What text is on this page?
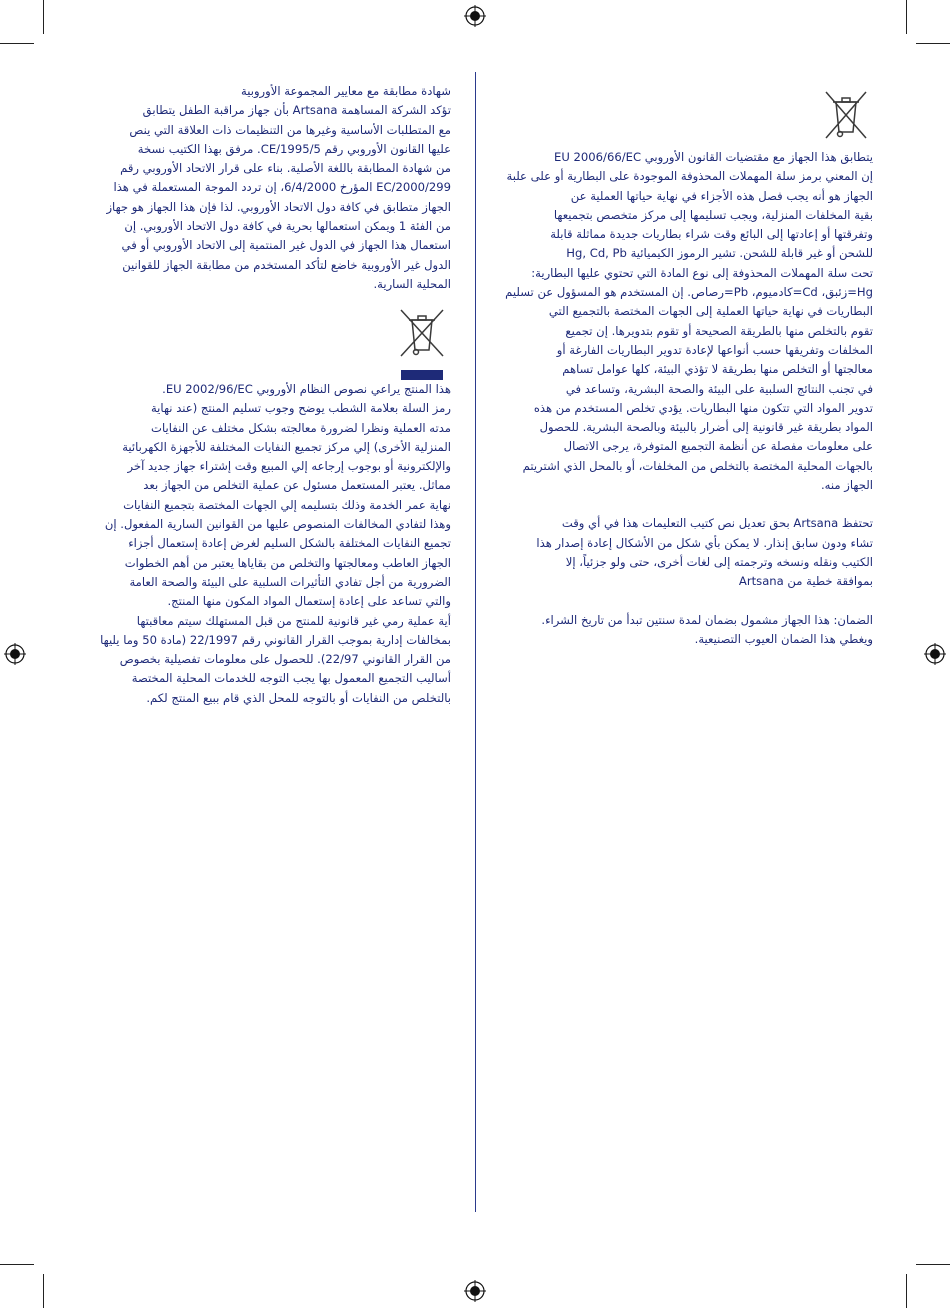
يتطابق هذا الجهاز مع مقتضيات القانون الأوروبي EU 2006/66/EC

إن المعني برمز سلة المهملات المحذوفة الموجودة على البطارية أو على علبة

الجهاز هو أنه يجب فصل هذه الأجزاء في نهاية حياتها العملية عن

بقية المخلفات المنزلية، ويجب تسليمها إلى مركز متخصص بتجميعها

وتفرقتها أو إعادتها إلى البائع وقت شراء بطاريات جديدة مماثلة قابلة

للشحن أو غير قابلة للشحن. تشير الرموز الكيميائية Hg, Cd, Pb

تحت سلة المهملات المحذوفة إلى نوع المادة التي تحتوي عليها البطارية:

Hg=زئبق، Cd=كادميوم، Pb=رصاص. إن المستخدم هو المسؤول عن تسليم

البطاريات في نهاية حياتها العملية إلى الجهات المختصة بالتجميع التي

تقوم بالتخلص منها بالطريقة الصحيحة أو تقوم بتدويرها. إن تجميع

المخلفات وتفريقها حسب أنواعها لإعادة تدوير البطاريات الفارغة أو

معالجتها أو التخلص منها بطريقة لا تؤذي البيئة، كلها عوامل تساهم

في تجنب النتائج السلبية على البيئة والصحة البشرية، وتساعد في

تدوير المواد التي تتكون منها البطاريات. يؤدي تخلص المستخدم من هذه

المواد بطريقة غير قانونية إلى أضرار بالبيئة وبالصحة البشرية. للحصول

على معلومات مفصلة عن أنظمة التجميع المتوفرة، يرجى الاتصال

بالجهات المحلية المختصة بالتخلص من المخلفات، أو بالمحل الذي اشتريتم

الجهاز منه.

تحتفظ Artsana بحق تعديل نص كتيب التعليمات هذا في أي وقت

تشاء ودون سابق إنذار. لا يمكن بأي شكل من الأشكال إعادة إصدار هذا

الكتيب ونقله ونسخه وترجمته إلى لغات أخرى، حتى ولو جزئياً، إلا

بموافقة خطية من Artsana

الضمان: هذا الجهاز مشمول بضمان لمدة سنتين تبدأ من تاريخ الشراء.

ويغطي هذا الضمان العيوب التصنيعية.

شهادة مطابقة مع معايير المجموعة الأوروبية

تؤكد الشركة المساهمة Artsana بأن جهاز مراقبة الطفل يتطابق

مع المتطلبات الأساسية وغيرها من التنظيمات ذات العلاقة التي ينص

عليها القانون الأوروبي رقم CE/1995/5. مرفق بهذا الكتيب نسخة

من شهادة المطابقة باللغة الأصلية. بناء على قرار الاتحاد الأوروبي رقم

EC/2000/299 المؤرخ 6/4/2000، إن تردد الموجة المستعملة في هذا

الجهاز متطابق في كافة دول الاتحاد الأوروبي. لذا فإن هذا الجهاز هو جهاز

من الفئة 1 ويمكن استعمالها بحرية في كافة دول الاتحاد الأوروبي. إن

استعمال هذا الجهاز في الدول غير المنتمية إلى الاتحاد الأوروبي أو في

الدول غير الأوروبية خاضع لتأكد المستخدم من مطابقة الجهاز للقوانين

المحلية السارية.

هذا المنتج يراعي نصوص النظام الأوروبي EU 2002/96/EC.

رمز السلة بعلامة الشطب يوضح وجوب تسليم المنتج (عند نهاية

مدته العملية ونظرا لضرورة معالجته بشكل مختلف عن النفايات

المنزلية الأخرى) إلي مركز تجميع النفايات المختلفة للأجهزة الكهربائية

والإلكترونية أو بوجوب إرجاعه إلي المبيع وقت إشتراء جهاز جديد آخر

مماثل. يعتبر المستعمل مسئول عن عملية التخلص من الجهاز بعد

نهاية عمر الخدمة وذلك بتسليمه إلي الجهات المختصة بتجميع النفايات

وهذا لتفادي المخالفات المنصوص عليها من القوانين السارية المفعول. إن

تجميع النفايات المختلفة بالشكل السليم لغرض إعادة إستعمال أجزاء

الجهاز العاطب ومعالجتها والتخلص من بقاياها يعتبر من أهم الخطوات

الضرورية من أجل تفادي التأثيرات السلبية على البيئة والصحة العامة

والتي تساعد على إعادة إستعمال المواد المكون منها المنتج.

أية عملية رمي غير قانونية للمنتج من قبل المستهلك سيتم معاقبتها

بمخالفات إدارية بموجب القرار القانوني رقم 22/1997 (مادة 50 وما يليها

من القرار القانوني 22/97). للحصول على معلومات تفصيلية بخصوص

أساليب التجميع المعمول بها يجب التوجه للخدمات المحلية المختصة

بالتخلص من النفايات أو بالتوجه للمحل الذي قام ببيع المنتج لكم.
